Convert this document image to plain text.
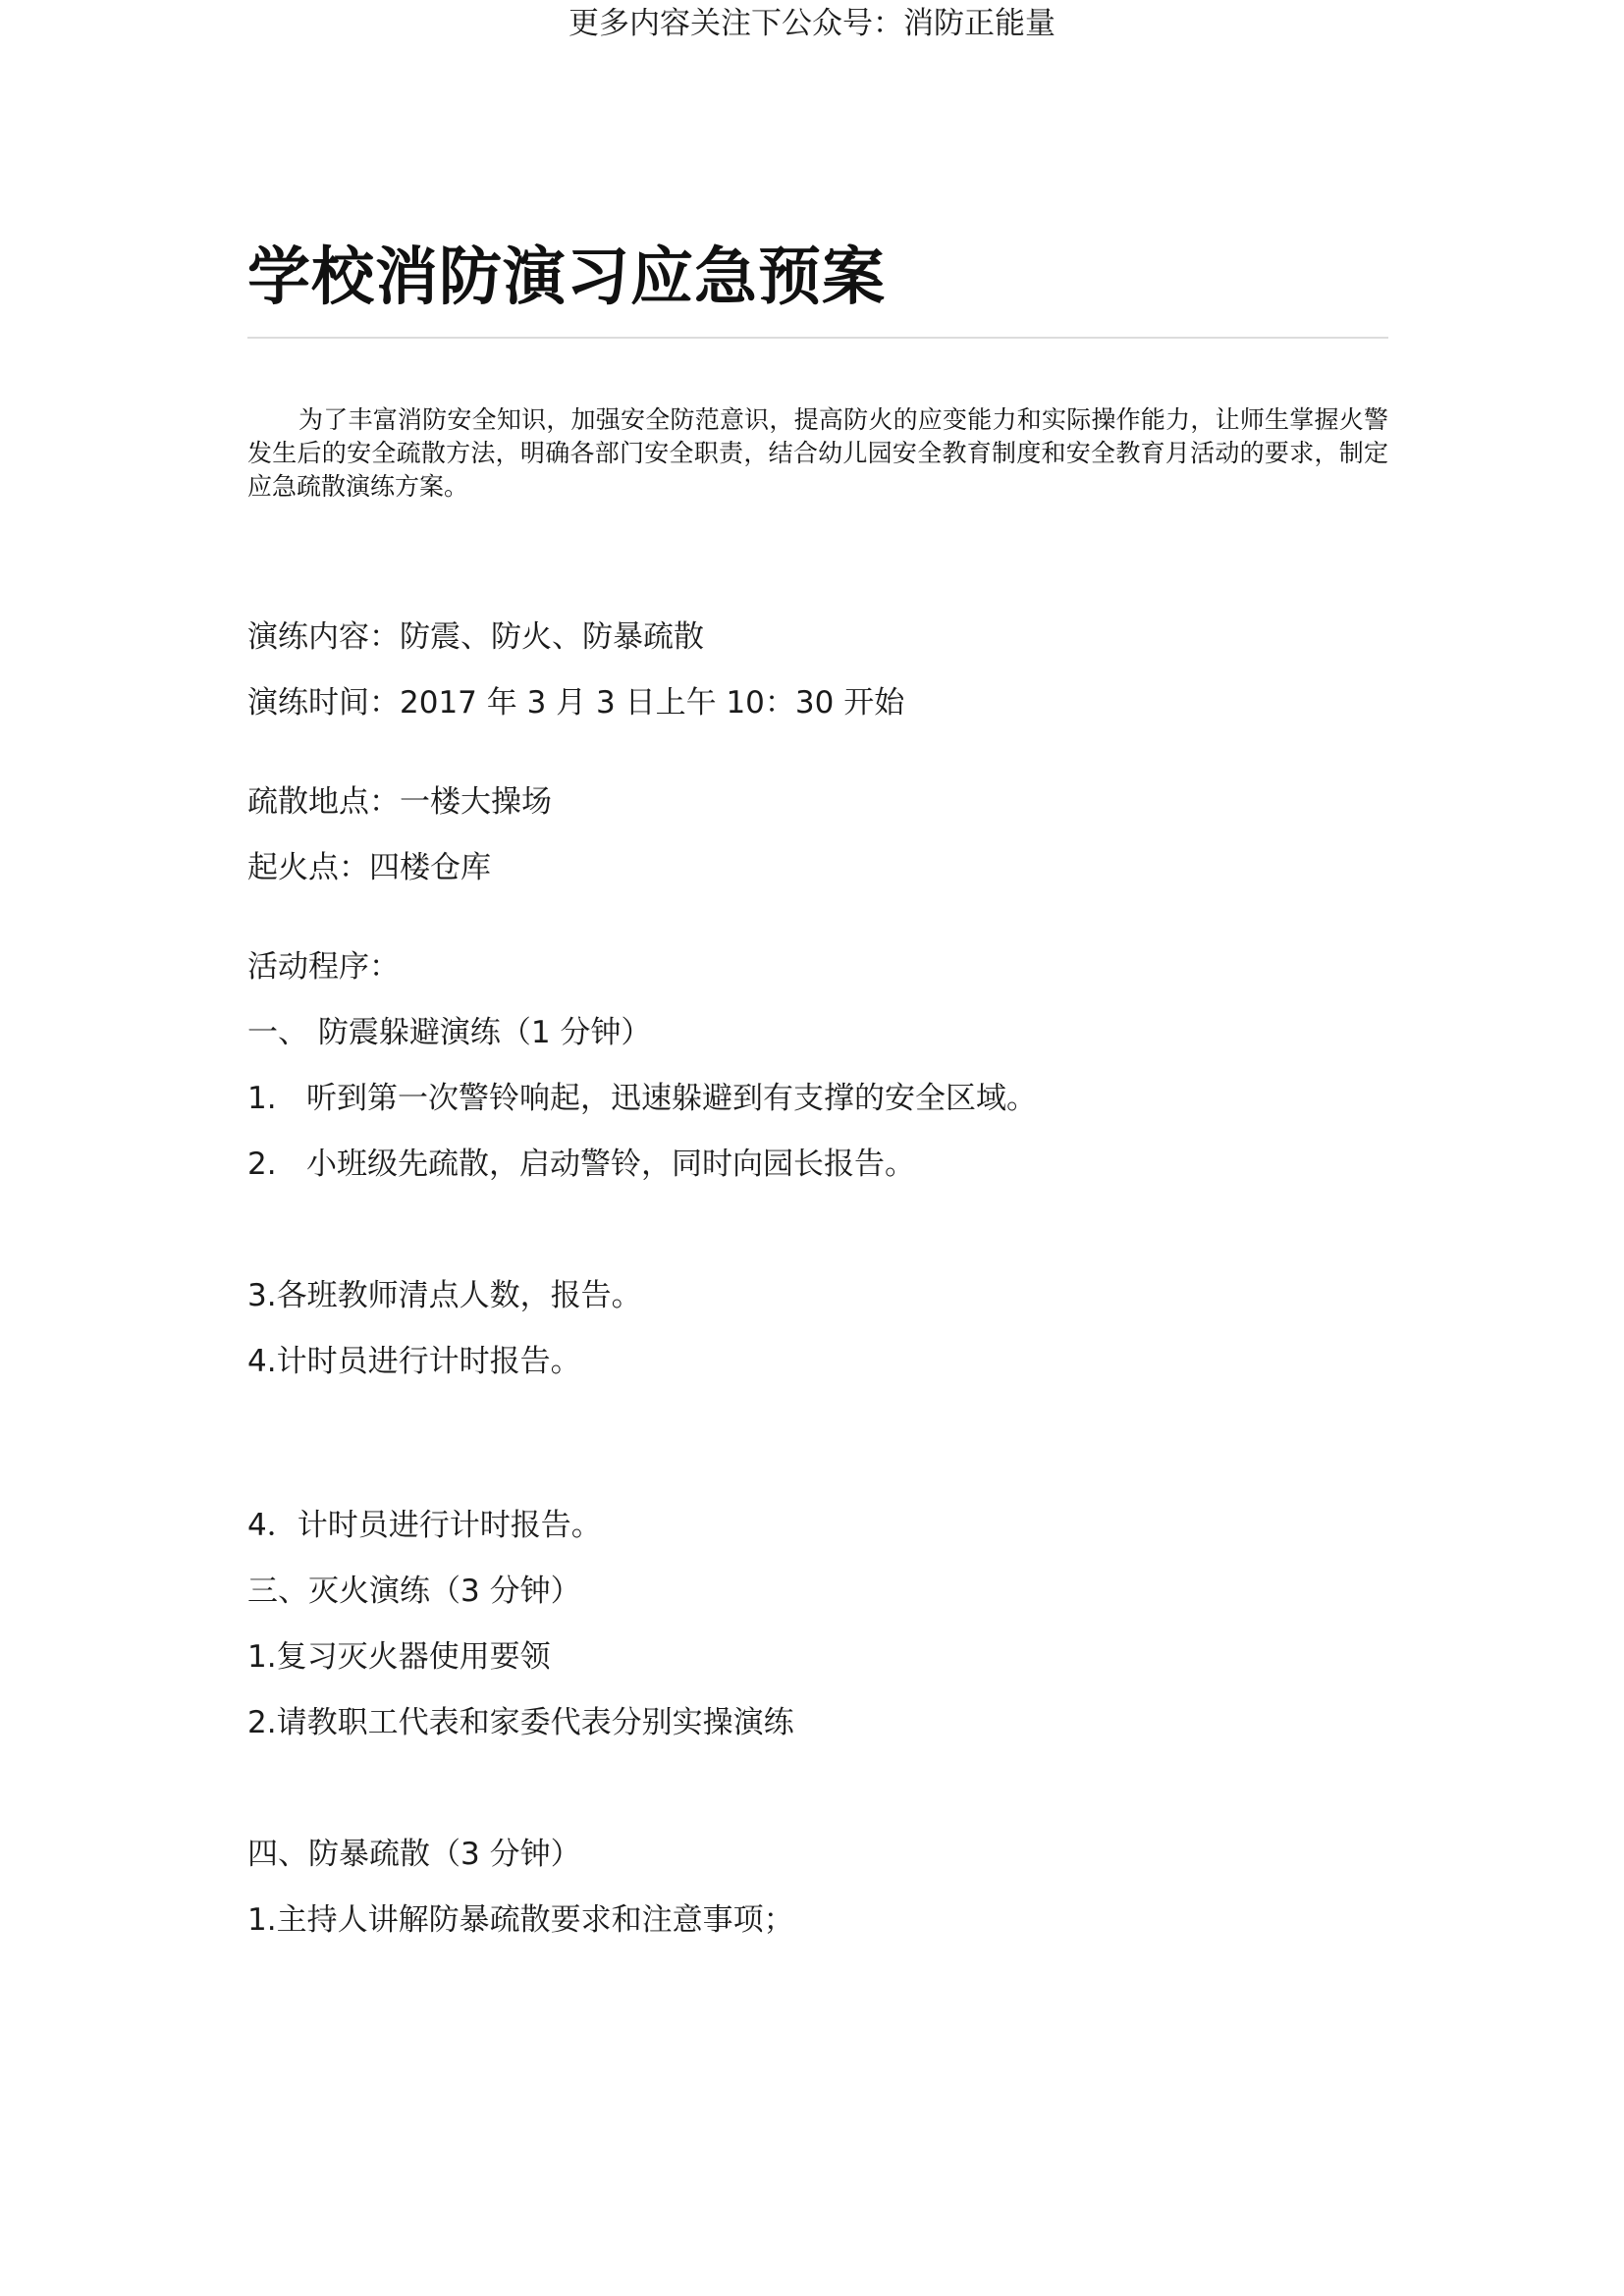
更多内容关注下公众号：消防正能量
学校消防演习应急预案

为了丰富消防安全知识，加强安全防范意识，提高防火的应变能力和实际操作能力，让师生掌握火警发生后的安全疏散方法，明确各部门安全职责，结合幼儿园安全教育制度和安全教育月活动的要求，制定应急疏散演练方案。

演练内容：防震、防火、防暴疏散
演练时间：2017 年 3 月 3 日上午 10：30 开始
疏散地点：一楼大操场
起火点：四楼仓库
活动程序：
一、 防震躲避演练（1 分钟）
1. 听到第一次警铃响起，迅速躲避到有支撑的安全区域。
2. 小班级先疏散，启动警铃，同时向园长报告。
3.各班教师清点人数，报告。
4.计时员进行计时报告。
4．计时员进行计时报告。
三、灭火演练（3 分钟）
1.复习灭火器使用要领
2.请教职工代表和家委代表分别实操演练
四、防暴疏散（3 分钟）
1.主持人讲解防暴疏散要求和注意事项；
